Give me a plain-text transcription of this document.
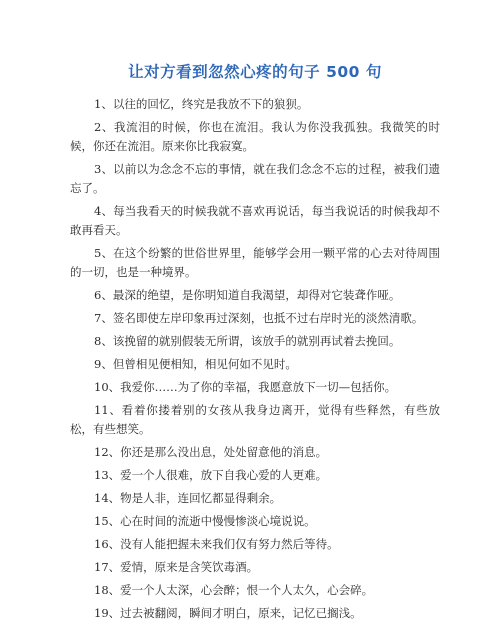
让对方看到忽然心疼的句子 500 句

1、以往的回忆，终究是我放不下的狼狈。

2、我流泪的时候，你也在流泪。我认为你没我孤独。我微笑的时候，你还在流泪。原来你比我寂寞。

3、以前以为念念不忘的事情，就在我们念念不忘的过程，被我们遗忘了。

4、每当我看天的时候我就不喜欢再说话，每当我说话的时候我却不敢再看天。

5、在这个纷繁的世俗世界里，能够学会用一颗平常的心去对待周围的一切，也是一种境界。

6、最深的绝望，是你明知道自我渴望，却得对它装聋作哑。

7、签名即使左岸印象再过深刻，也抵不过右岸时光的淡然清歌。

8、该挽留的就别假装无所谓，该放手的就别再试着去挽回。

9、但曾相见便相知，相见何如不见时。

10、我爱你……为了你的幸福，我愿意放下一切—包括你。

11、看着你搂着别的女孩从我身边离开，觉得有些释然，有些放松，有些想笑。

12、你还是那么没出息，处处留意他的消息。

13、爱一个人很难，放下自我心爱的人更难。

14、物是人非，连回忆都显得剩余。

15、心在时间的流逝中慢慢惨淡心境说说。

16、没有人能把握未来我们仅有努力然后等待。

17、爱情，原来是含笑饮毒酒。

18、爱一个人太深，心会醉；恨一个人太久，心会碎。

19、过去被翻阅，瞬间才明白，原来，记忆已搁浅。
